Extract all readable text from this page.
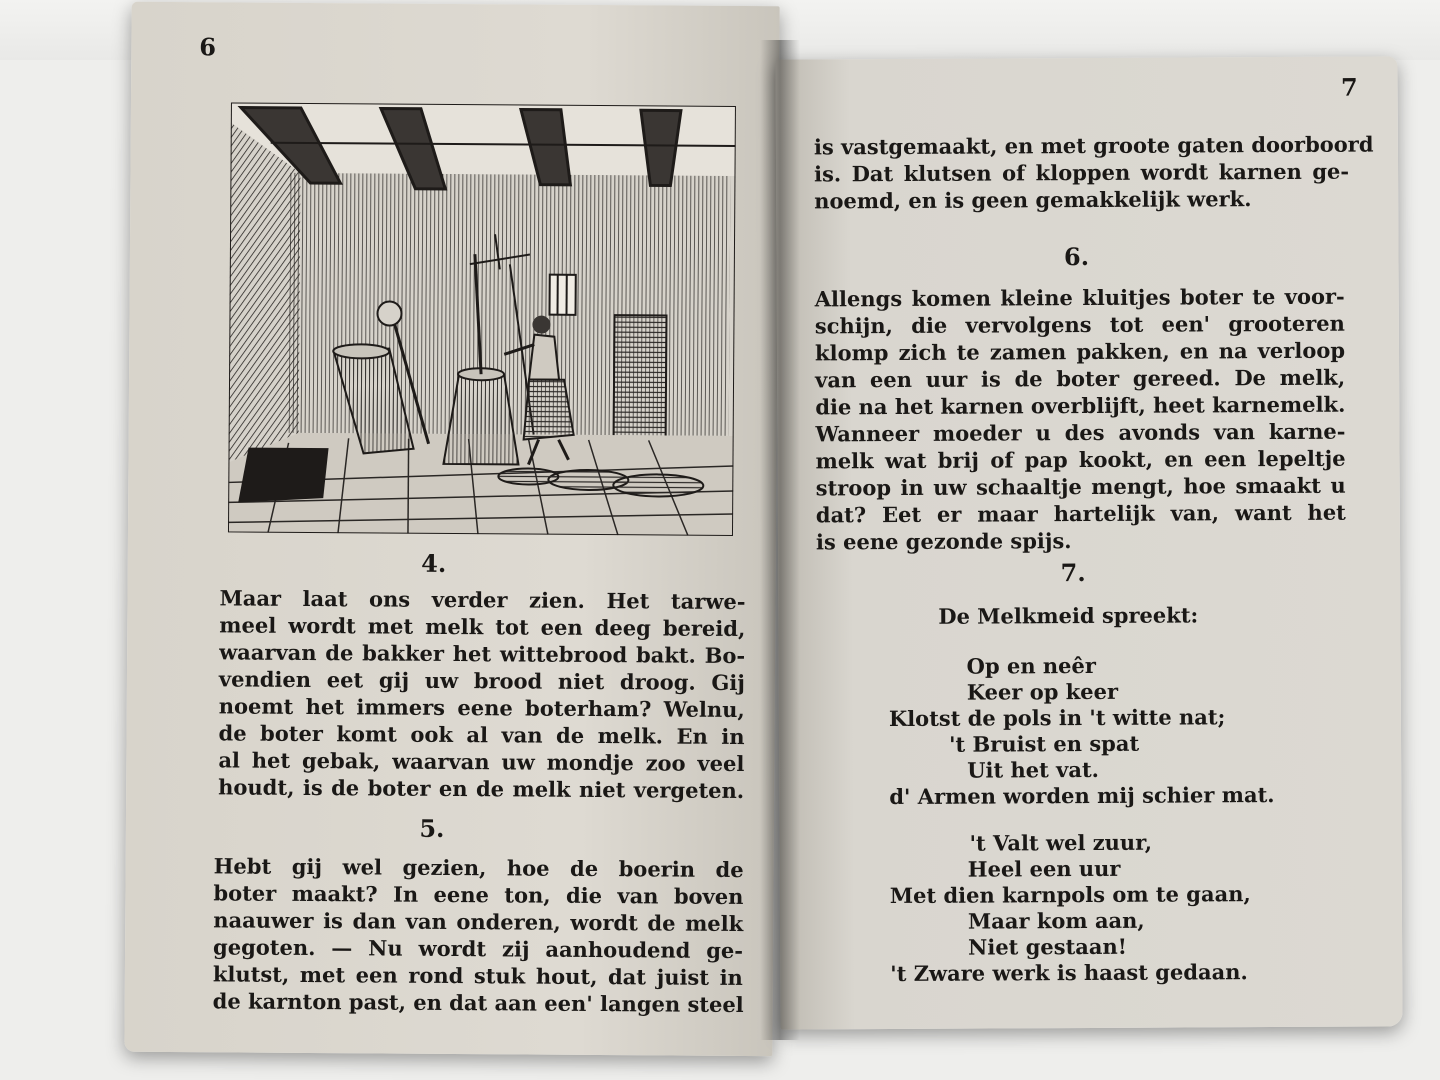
6
4.
Maar laat ons verder zien. Het tarwe-
meel wordt met melk tot een deeg bereid,
waarvan de bakker het wittebrood bakt. Bo-
vendien eet gij uw brood niet droog. Gij
noemt het immers eene boterham? Welnu,
de boter komt ook al van de melk. En in
al het gebak, waarvan uw mondje zoo veel
houdt, is de boter en de melk niet vergeten.
5.
Hebt gij wel gezien, hoe de boerin de
boter maakt? In eene ton, die van boven
naauwer is dan van onderen, wordt de melk
gegoten. — Nu wordt zij aanhoudend ge-
klutst, met een rond stuk hout, dat juist in
de karnton past, en dat aan een' langen steel
7
is vastgemaakt, en met groote gaten doorboord
is. Dat klutsen of kloppen wordt karnen ge-
noemd, en is geen gemakkelijk werk.
6.
Allengs komen kleine kluitjes boter te voor-
schijn, die vervolgens tot een' grooteren
klomp zich te zamen pakken, en na verloop
van een uur is de boter gereed. De melk,
die na het karnen overblijft, heet karnemelk.
Wanneer moeder u des avonds van karne-
melk wat brij of pap kookt, en een lepeltje
stroop in uw schaaltje mengt, hoe smaakt u
dat? Eet er maar hartelijk van, want het
is eene gezonde spijs.
7.
De Melkmeid spreekt:
Op en neêr
Keer op keer
Klotst de pols in 't witte nat;
't Bruist en spat
Uit het vat.
d' Armen worden mij schier mat.
't Valt wel zuur,
Heel een uur
Met dien karnpols om te gaan,
Maar kom aan,
Niet gestaan!
't Zware werk is haast gedaan.
